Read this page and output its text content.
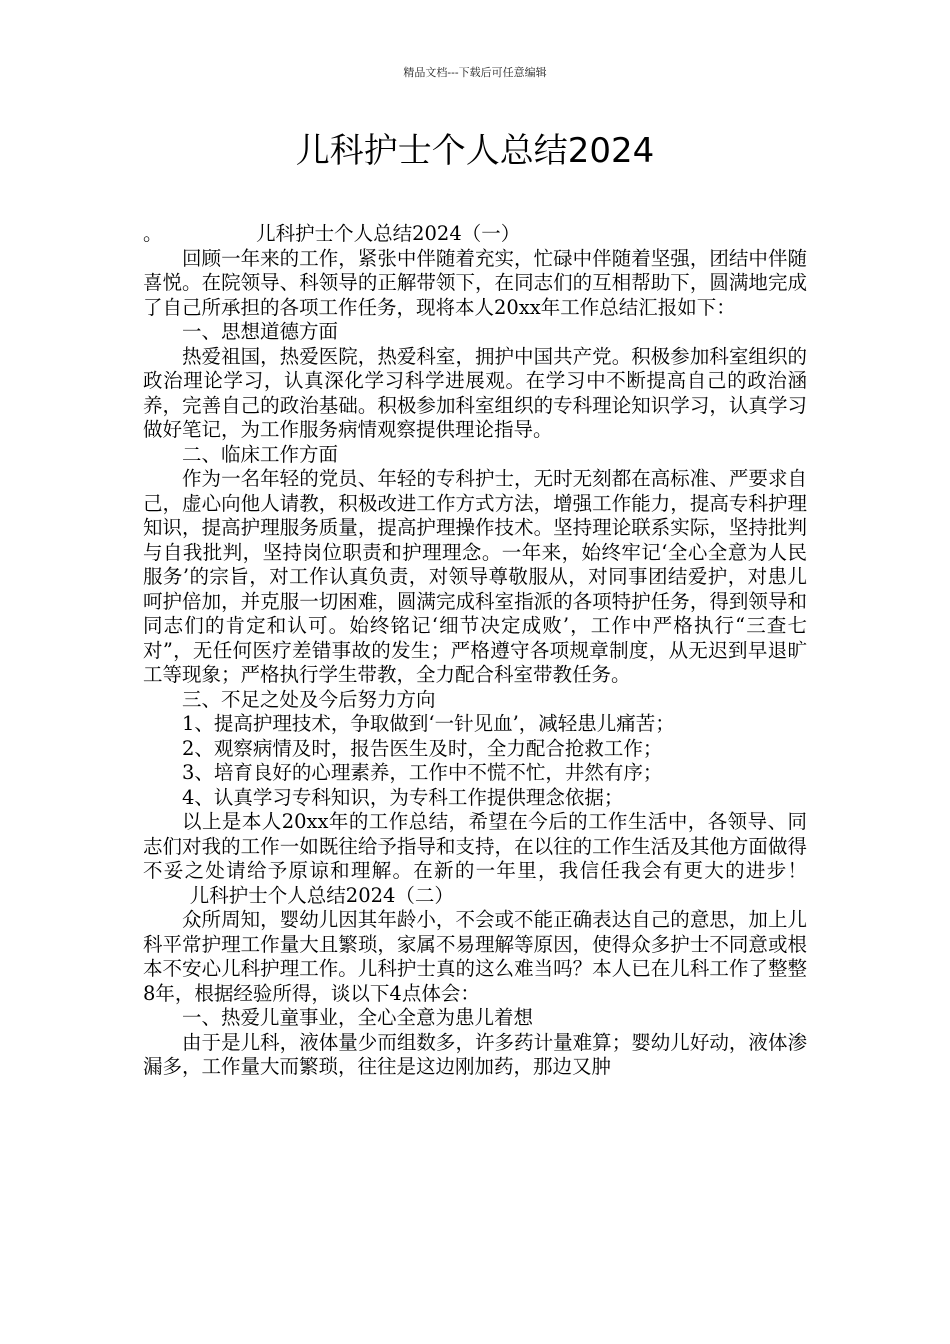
精品文档---下载后可任意编辑
儿科护士个人总结2024

。	儿科护士个人总结2024（一）

回顾一年来的工作，紧张中伴随着充实，忙碌中伴随着坚强，团结中伴随喜悦。在院领导、科领导的正解带领下，在同志们的互相帮助下，圆满地完成了自己所承担的各项工作任务，现将本人20xx年工作总结汇报如下：

一、思想道德方面

热爱祖国，热爱医院，热爱科室，拥护中国共产党。积极参加科室组织的政治理论学习，认真深化学习科学进展观。在学习中不断提高自己的政治涵养，完善自己的政治基础。积极参加科室组织的专科理论知识学习，认真学习做好笔记，为工作服务病情观察提供理论指导。

二、临床工作方面

作为一名年轻的党员、年轻的专科护士，无时无刻都在高标准、严要求自己，虚心向他人请教，积极改进工作方式方法，增强工作能力，提高专科护理知识，提高护理服务质量，提高护理操作技术。坚持理论联系实际，坚持批判与自我批判，坚持岗位职责和护理理念。一年来，始终牢记‘全心全意为人民服务’的宗旨，对工作认真负责，对领导尊敬服从，对同事团结爱护，对患儿呵护倍加，并克服一切困难，圆满完成科室指派的各项特护任务，得到领导和同志们的肯定和认可。始终铭记‘细节决定成败’，工作中严格执行“三查七对”，无任何医疗差错事故的发生；严格遵守各项规章制度，从无迟到早退旷工等现象；严格执行学生带教，全力配合科室带教任务。

三、不足之处及今后努力方向

1、提高护理技术，争取做到‘一针见血’，减轻患儿痛苦；

2、观察病情及时，报告医生及时，全力配合抢救工作；

3、培育良好的心理素养，工作中不慌不忙，井然有序；

4、认真学习专科知识，为专科工作提供理念依据；

以上是本人20xx年的工作总结，希望在今后的工作生活中，各领导、同志们对我的工作一如既往给予指导和支持，在以往的工作生活及其他方面做得不妥之处请给予原谅和理解。在新的一年里，我信任我会有更大的进步！儿科护士个人总结2024（二）

众所周知，婴幼儿因其年龄小，不会或不能正确表达自己的意思，加上儿科平常护理工作量大且繁琐，家属不易理解等原因，使得众多护士不同意或根本不安心儿科护理工作。儿科护士真的这么难当吗？本人已在儿科工作了整整8年，根据经验所得，谈以下4点体会：

一、热爱儿童事业，全心全意为患儿着想

由于是儿科，液体量少而组数多，许多药计量难算；婴幼儿好动，液体渗漏多，工作量大而繁琐，往往是这边刚加药，那边又肿
